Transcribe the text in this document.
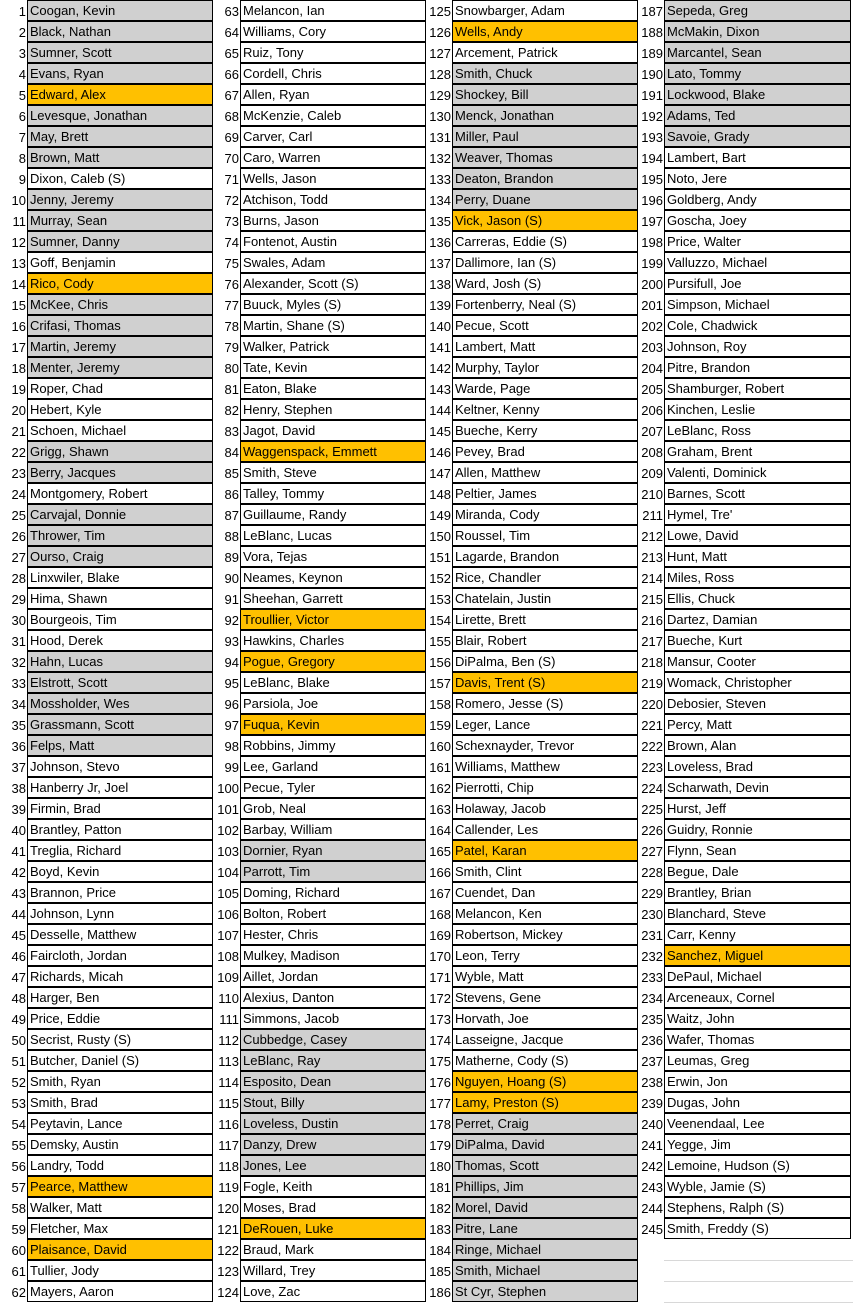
1 Coogan, Kevin
2 Black, Nathan
3 Sumner, Scott
4 Evans, Ryan
5 Edward, Alex
6 Levesque, Jonathan
7 May, Brett
8 Brown, Matt
9 Dixon, Caleb (S)
10 Jenny, Jeremy
11 Murray, Sean
12 Sumner, Danny
13 Goff, Benjamin
14 Rico, Cody
15 McKee, Chris
16 Crifasi, Thomas
17 Martin, Jeremy
18 Menter, Jeremy
19 Roper, Chad
20 Hebert, Kyle
21 Schoen, Michael
22 Grigg, Shawn
23 Berry, Jacques
24 Montgomery, Robert
25 Carvajal, Donnie
26 Thrower, Tim
27 Ourso, Craig
28 Linxwiler, Blake
29 Hima, Shawn
30 Bourgeois, Tim
31 Hood, Derek
32 Hahn, Lucas
33 Elstrott, Scott
34 Mossholder, Wes
35 Grassmann, Scott
36 Felps, Matt
37 Johnson, Stevo
38 Hanberry Jr, Joel
39 Firmin, Brad
40 Brantley, Patton
41 Treglia, Richard
42 Boyd, Kevin
43 Brannon, Price
44 Johnson, Lynn
45 Desselle, Matthew
46 Faircloth, Jordan
47 Richards, Micah
48 Harger, Ben
49 Price, Eddie
50 Secrist, Rusty (S)
51 Butcher, Daniel (S)
52 Smith, Ryan
53 Smith, Brad
54 Peytavin, Lance
55 Demsky, Austin
56 Landry, Todd
57 Pearce, Matthew
58 Walker, Matt
59 Fletcher, Max
60 Plaisance, David
61 Tullier, Jody
62 Mayers, Aaron
63 Melancon, Ian
64 Williams, Cory
65 Ruiz, Tony
66 Cordell, Chris
67 Allen, Ryan
68 McKenzie, Caleb
69 Carver, Carl
70 Caro, Warren
71 Wells, Jason
72 Atchison, Todd
73 Burns, Jason
74 Fontenot, Austin
75 Swales, Adam
76 Alexander, Scott (S)
77 Buuck, Myles (S)
78 Martin, Shane (S)
79 Walker, Patrick
80 Tate, Kevin
81 Eaton, Blake
82 Henry, Stephen
83 Jagot, David
84 Waggenspack, Emmett
85 Smith, Steve
86 Talley, Tommy
87 Guillaume, Randy
88 LeBlanc, Lucas
89 Vora, Tejas
90 Neames, Keynon
91 Sheehan, Garrett
92 Troullier, Victor
93 Hawkins, Charles
94 Pogue, Gregory
95 LeBlanc, Blake
96 Parsiola, Joe
97 Fuqua, Kevin
98 Robbins, Jimmy
99 Lee, Garland
100 Pecue, Tyler
101 Grob, Neal
102 Barbay, William
103 Dornier, Ryan
104 Parrott, Tim
105 Doming, Richard
106 Bolton, Robert
107 Hester, Chris
108 Mulkey, Madison
109 Aillet, Jordan
110 Alexius, Danton
111 Simmons, Jacob
112 Cubbedge, Casey
113 LeBlanc, Ray
114 Esposito, Dean
115 Stout, Billy
116 Loveless, Dustin
117 Danzy, Drew
118 Jones, Lee
119 Fogle, Keith
120 Moses, Brad
121 DeRouen, Luke
122 Braud, Mark
123 Willard, Trey
124 Love, Zac
125 Snowbarger, Adam
126 Wells, Andy
127 Arcement, Patrick
128 Smith, Chuck
129 Shockey, Bill
130 Menck, Jonathan
131 Miller, Paul
132 Weaver, Thomas
133 Deaton, Brandon
134 Perry, Duane
135 Vick, Jason (S)
136 Carreras, Eddie (S)
137 Dallimore, Ian (S)
138 Ward, Josh (S)
139 Fortenberry, Neal (S)
140 Pecue, Scott
141 Lambert, Matt
142 Murphy, Taylor
143 Warde, Page
144 Keltner, Kenny
145 Bueche, Kerry
146 Pevey, Brad
147 Allen, Matthew
148 Peltier, James
149 Miranda, Cody
150 Roussel, Tim
151 Lagarde, Brandon
152 Rice, Chandler
153 Chatelain, Justin
154 Lirette, Brett
155 Blair, Robert
156 DiPalma, Ben (S)
157 Davis, Trent (S)
158 Romero, Jesse (S)
159 Leger, Lance
160 Schexnayder, Trevor
161 Williams, Matthew
162 Pierrotti, Chip
163 Holaway, Jacob
164 Callender, Les
165 Patel, Karan
166 Smith, Clint
167 Cuendet, Dan
168 Melancon, Ken
169 Robertson, Mickey
170 Leon, Terry
171 Wyble, Matt
172 Stevens, Gene
173 Horvath, Joe
174 Lasseigne, Jacque
175 Matherne, Cody (S)
176 Nguyen, Hoang (S)
177 Lamy, Preston (S)
178 Perret, Craig
179 DiPalma, David
180 Thomas, Scott
181 Phillips, Jim
182 Morel, David
183 Pitre, Lane
184 Ringe, Michael
185 Smith, Michael
186 St Cyr, Stephen
187 Sepeda, Greg
188 McMakin, Dixon
189 Marcantel, Sean
190 Lato, Tommy
191 Lockwood, Blake
192 Adams, Ted
193 Savoie, Grady
194 Lambert, Bart
195 Noto, Jere
196 Goldberg, Andy
197 Goscha, Joey
198 Price, Walter
199 Valluzzo, Michael
200 Pursifull, Joe
201 Simpson, Michael
202 Cole, Chadwick
203 Johnson, Roy
204 Pitre, Brandon
205 Shamburger, Robert
206 Kinchen, Leslie
207 LeBlanc, Ross
208 Graham, Brent
209 Valenti, Dominick
210 Barnes, Scott
211 Hymel, Tre'
212 Lowe, David
213 Hunt, Matt
214 Miles, Ross
215 Ellis, Chuck
216 Dartez, Damian
217 Bueche, Kurt
218 Mansur, Cooter
219 Womack, Christopher
220 Debosier, Steven
221 Percy, Matt
222 Brown, Alan
223 Loveless, Brad
224 Scharwath, Devin
225 Hurst, Jeff
226 Guidry, Ronnie
227 Flynn, Sean
228 Begue, Dale
229 Brantley, Brian
230 Blanchard, Steve
231 Carr, Kenny
232 Sanchez, Miguel
233 DePaul, Michael
234 Arceneaux, Cornel
235 Waitz, John
236 Wafer, Thomas
237 Leumas, Greg
238 Erwin, Jon
239 Dugas, John
240 Veenendaal, Lee
241 Yegge, Jim
242 Lemoine, Hudson (S)
243 Wyble, Jamie (S)
244 Stephens, Ralph (S)
245 Smith, Freddy (S)
